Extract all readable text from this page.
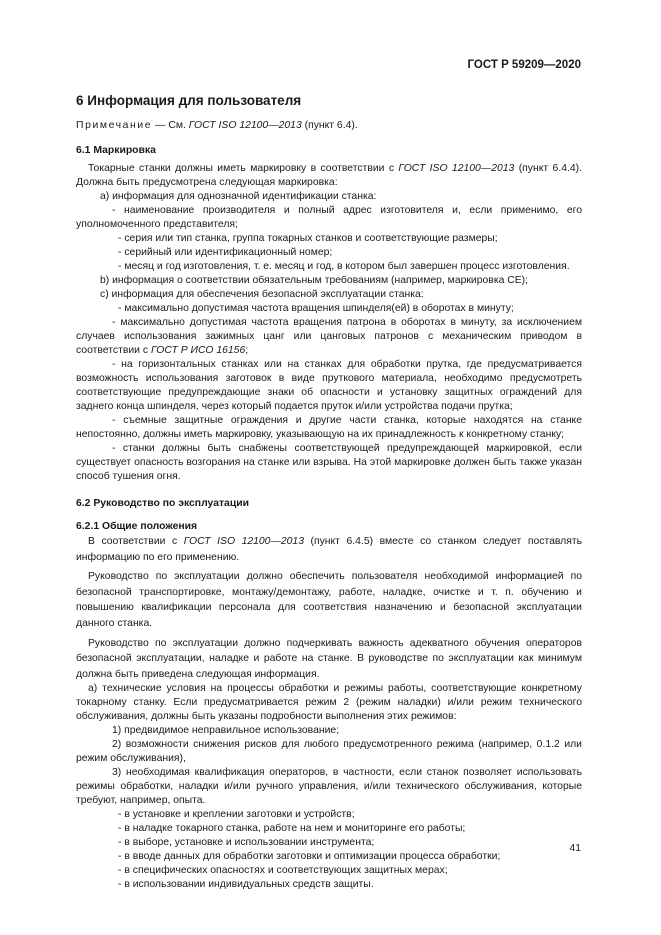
ГОСТ Р 59209—2020

6 Информация для пользователя

Примечание — См. ГОСТ ISO 12100—2013 (пункт 6.4).

6.1 Маркировка

Токарные станки должны иметь маркировку в соответствии с ГОСТ ISO 12100—2013 (пункт 6.4.4). Должна быть предусмотрена следующая маркировка:

а) информация для однозначной идентификации станка:

- наименование производителя и полный адрес изготовителя и, если применимо, его уполномоченного представителя;

- серия или тип станка, группа токарных станков и соответствующие размеры;

- серийный или идентификационный номер;

- месяц и год изготовления, т. е. месяц и год, в котором был завершен процесс изготовления.

b) информация о соответствии обязательным требованиям (например, маркировка СЕ);

c) информация для обеспечения безопасной эксплуатации станка:

- максимально допустимая частота вращения шпинделя(ей) в оборотах в минуту;

- максимально допустимая частота вращения патрона в оборотах в минуту, за исключением случаев использования зажимных цанг или цанговых патронов с механическим приводом в соответствии с ГОСТ Р ИСО 16156;

- на горизонтальных станках или на станках для обработки прутка, где предусматривается возможность использования заготовок в виде пруткового материала, необходимо предусмотреть соответствующие предупреждающие знаки об опасности и установку защитных ограждений для заднего конца шпинделя, через который подается пруток и/или устройства подачи прутка;

- съемные защитные ограждения и другие части станка, которые находятся на станке непостоянно, должны иметь маркировку, указывающую на их принадлежность к конкретному станку;

- станки должны быть снабжены соответствующей предупреждающей маркировкой, если существует опасность возгорания на станке или взрыва. На этой маркировке должен быть также указан способ тушения огня.

6.2 Руководство по эксплуатации

6.2.1 Общие положения

В соответствии с ГОСТ ISO 12100—2013 (пункт 6.4.5) вместе со станком следует поставлять информацию по его применению.

Руководство по эксплуатации должно обеспечить пользователя необходимой информацией по безопасной транспортировке, монтажу/демонтажу, работе, наладке, очистке и т. п. обучению и повышению квалификации персонала для соответствия назначению и безопасной эксплуатации данного станка.

Руководство по эксплуатации должно подчеркивать важность адекватного обучения операторов безопасной эксплуатации, наладке и работе на станке. В руководстве по эксплуатации как минимум должна быть приведена следующая информация.

а) технические условия на процессы обработки и режимы работы, соответствующие конкретному токарному станку. Если предусматривается режим 2 (режим наладки) и/или режим технического обслуживания, должны быть указаны подробности выполнения этих режимов:

1) предвидимое неправильное использование;

2) возможности снижения рисков для любого предусмотренного режима (например, 0.1.2 или режим обслуживания),

3) необходимая квалификация операторов, в частности, если станок позволяет использовать режимы обработки, наладки и/или ручного управления, и/или технического обслуживания, которые требуют, например, опыта.

- в установке и креплении заготовки и устройств;

- в наладке токарного станка, работе на нем и мониторинге его работы;

- в выборе, установке и использовании инструмента;

- в вводе данных для обработки заготовки и оптимизации процесса обработки;

- в специфических опасностях и соответствующих защитных мерах;

- в использовании индивидуальных средств защиты.

41
